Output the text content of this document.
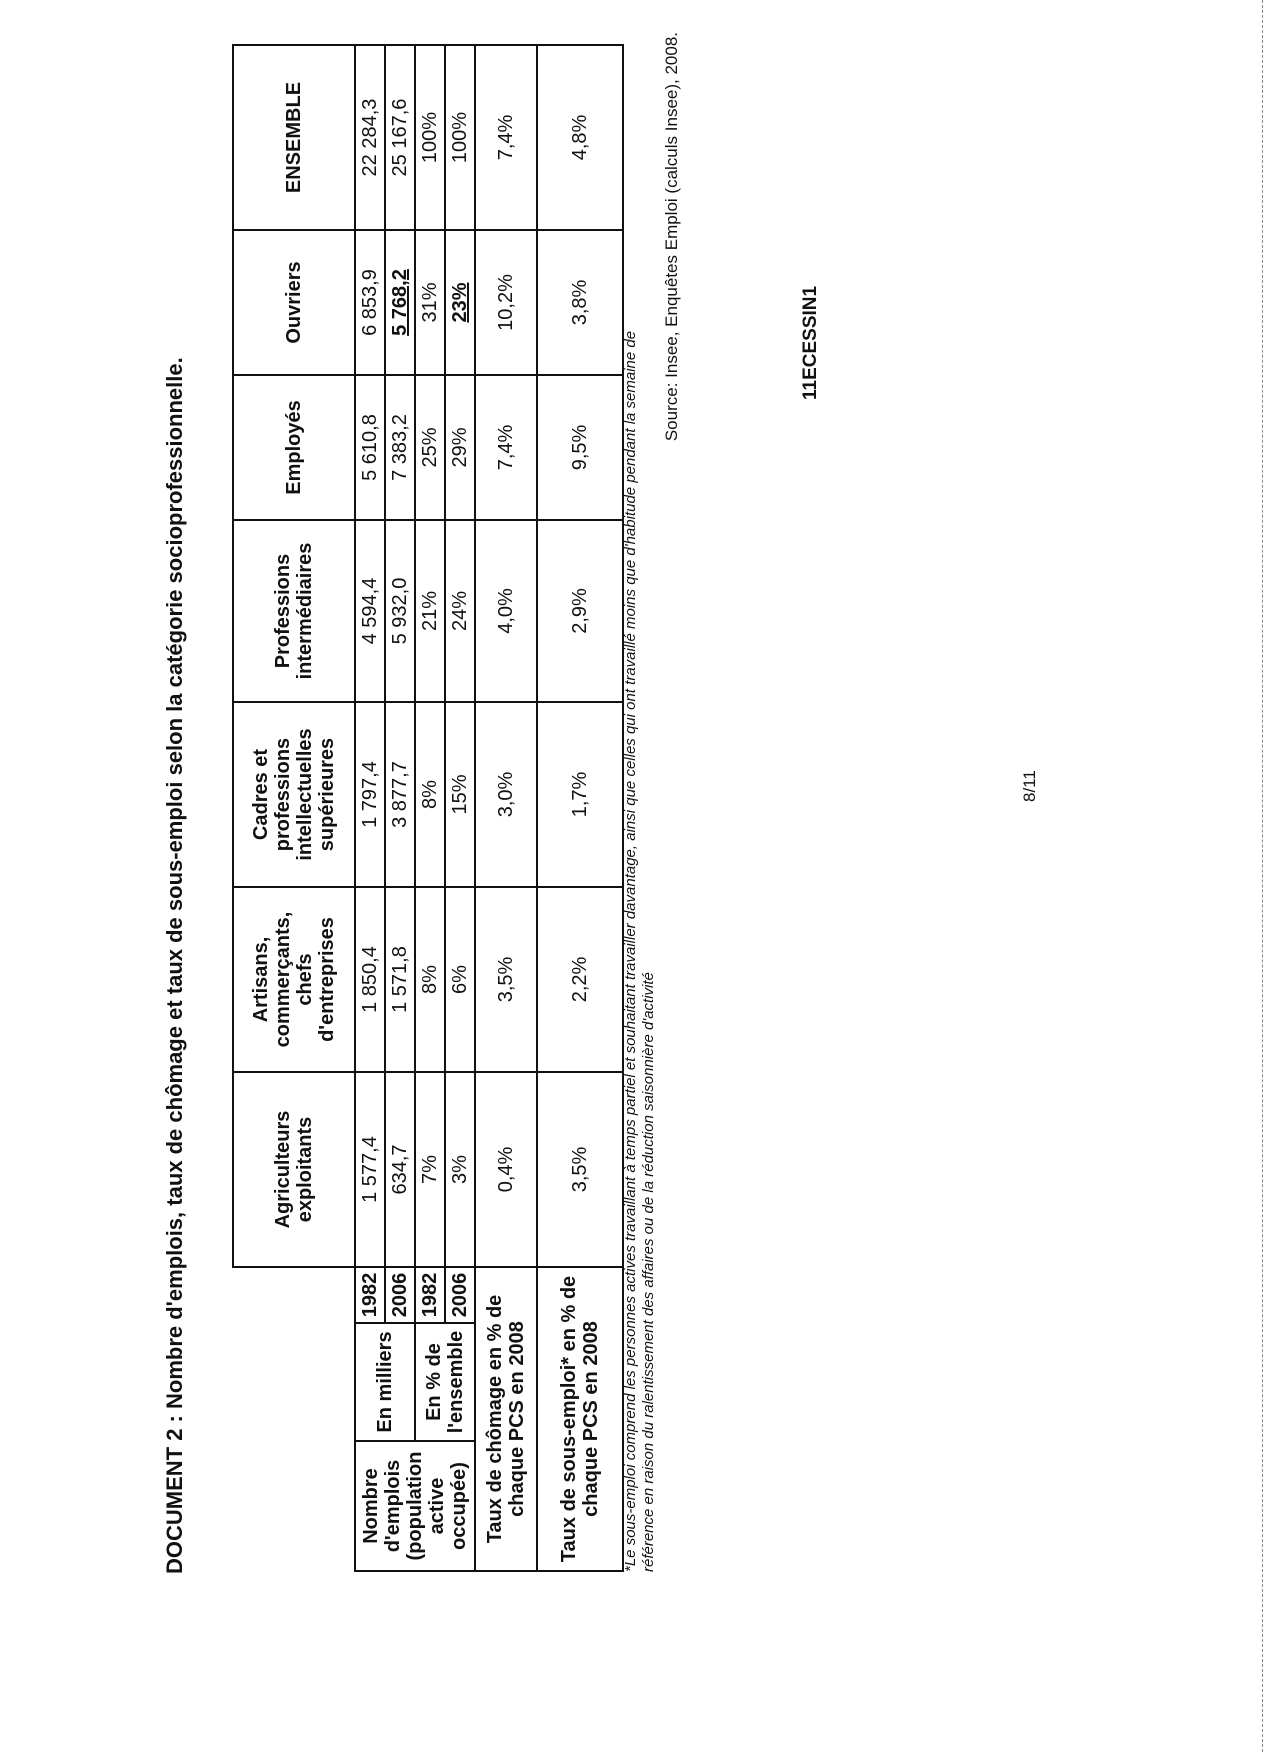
DOCUMENT 2 : Nombre d'emplois, taux de chômage et taux de sous-emploi selon la catégorie socioprofessionnelle.
			Agriculteurs exploitants	Artisans, commerçants, chefs d'entreprises	Cadres et professions intellectuelles supérieures	Professions intermédiaires	Employés	Ouvriers	ENSEMBLE
Nombre d'emplois (population active occupée)	En milliers	1982	1 577,4	1 850,4	1 797,4	4 594,4	5 610,8	6 853,9	22 284,3
		2006	634,7	1 571,8	3 877,7	5 932,0	7 383,2	5 768,2	25 167,6
	En % de l'ensemble	1982	7%	8%	8%	21%	25%	31%	100%
		2006	3%	6%	15%	24%	29%	23%	100%
Taux de chômage en % de chaque PCS en 2008			0,4%	3,5%	3,0%	4,0%	7,4%	10,2%	7,4%
Taux de sous-emploi* en % de chaque PCS en 2008			3,5%	2,2%	1,7%	2,9%	9,5%	3,8%	4,8%
*Le sous-emploi comprend les personnes actives travaillant à temps partiel et souhaitant travailler davantage, ainsi que celles qui ont travaillé moins que d'habitude pendant la semaine de référence en raison du ralentissement des affaires ou de la réduction saisonnière d'activité
Source: Insee, Enquêtes Emploi (calculs Insee), 2008.
8/11
11ECESSIN1
